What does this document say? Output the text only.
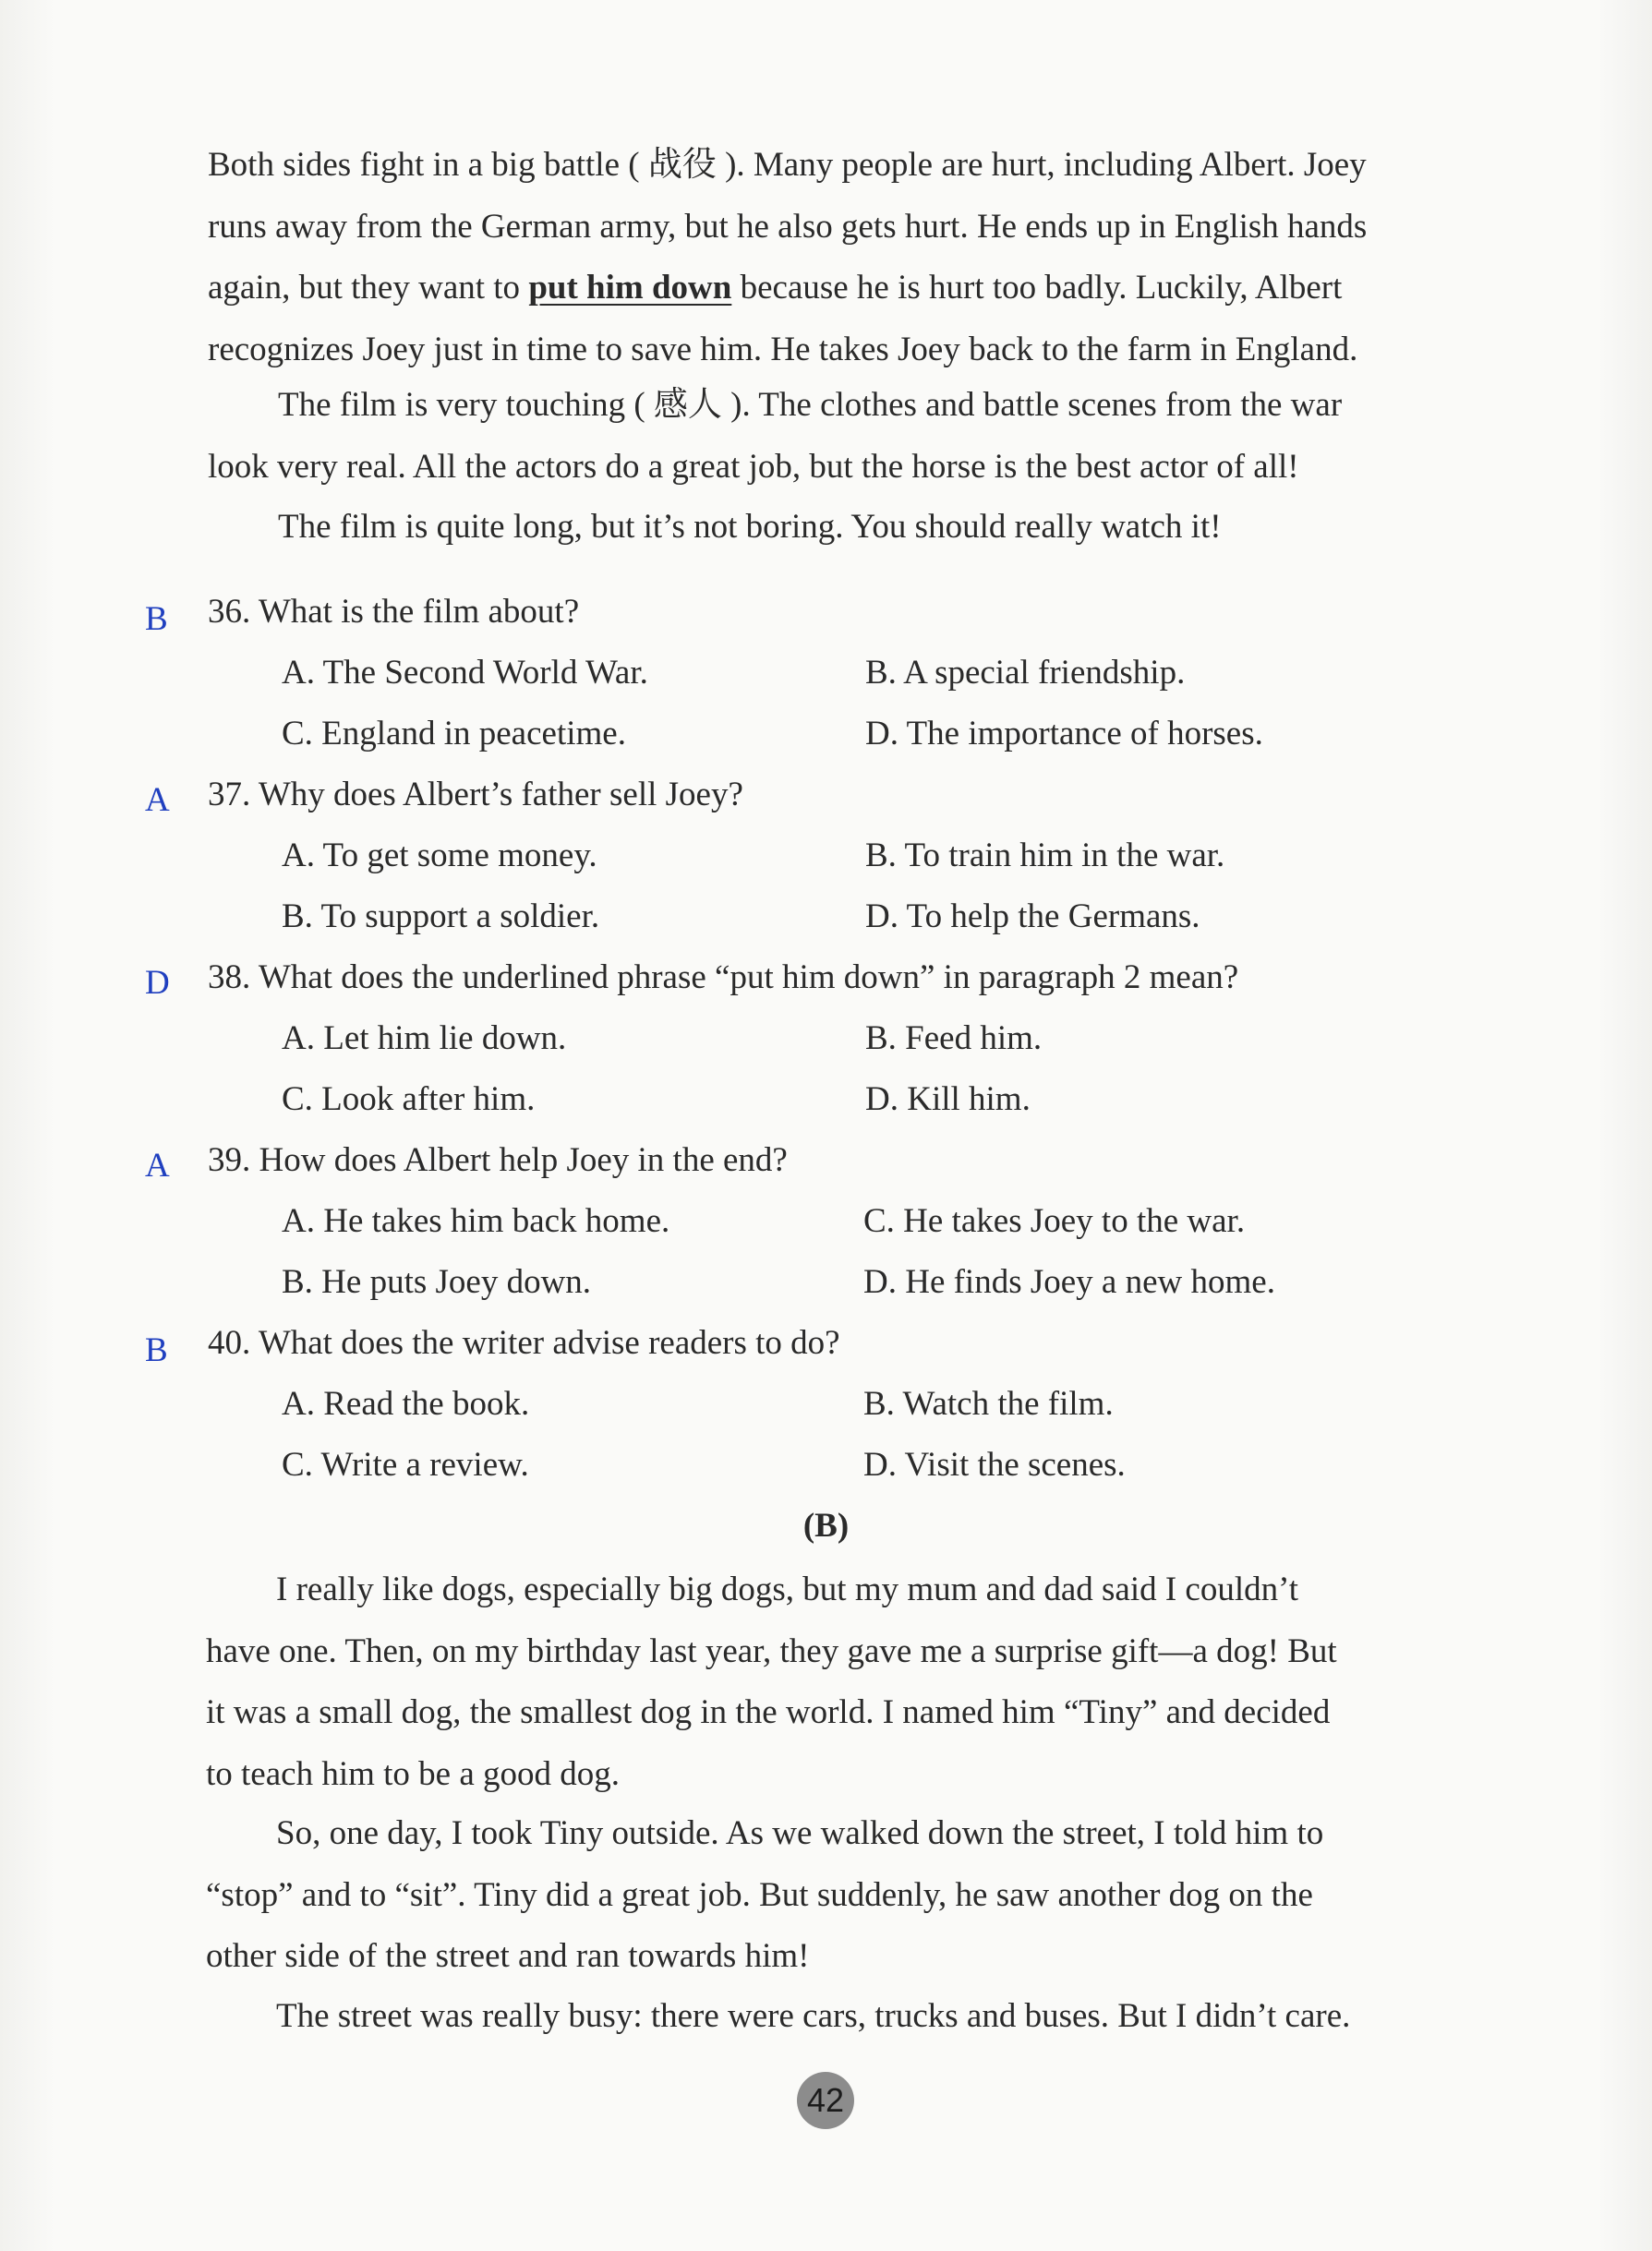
Both sides fight in a big battle ( 战役 ). Many people are hurt, including Albert. Joey
runs away from the German army, but he also gets hurt. He ends up in English hands
again, but they want to put him down because he is hurt too badly. Luckily, Albert
recognizes Joey just in time to save him. He takes Joey back to the farm in England.
The film is very touching ( 感人 ). The clothes and battle scenes from the war
look very real. All the actors do a great job, but the horse is the best actor of all!
The film is quite long, but it’s not boring. You should really watch it!
B 36. What is the film about?
A. The Second World War.	B. A special friendship.
C. England in peacetime.	D. The importance of horses.
A 37. Why does Albert’s father sell Joey?
A. To get some money.	B. To train him in the war.
B. To support a soldier.	D. To help the Germans.
D 38. What does the underlined phrase “put him down” in paragraph 2 mean?
A. Let him lie down.	B. Feed him.
C. Look after him.	D. Kill him.
A 39. How does Albert help Joey in the end?
A. He takes him back home.	C. He takes Joey to the war.
B. He puts Joey down.	D. He finds Joey a new home.
B 40. What does the writer advise readers to do?
A. Read the book.	B. Watch the film.
C. Write a review.	D. Visit the scenes.
(B)
I really like dogs, especially big dogs, but my mum and dad said I couldn’t
have one. Then, on my birthday last year, they gave me a surprise gift—a dog! But
it was a small dog, the smallest dog in the world. I named him “Tiny” and decided
to teach him to be a good dog.
So, one day, I took Tiny outside. As we walked down the street, I told him to
“stop” and to “sit”. Tiny did a great job. But suddenly, he saw another dog on the
other side of the street and ran towards him!
The street was really busy: there were cars, trucks and buses. But I didn’t care.
42
